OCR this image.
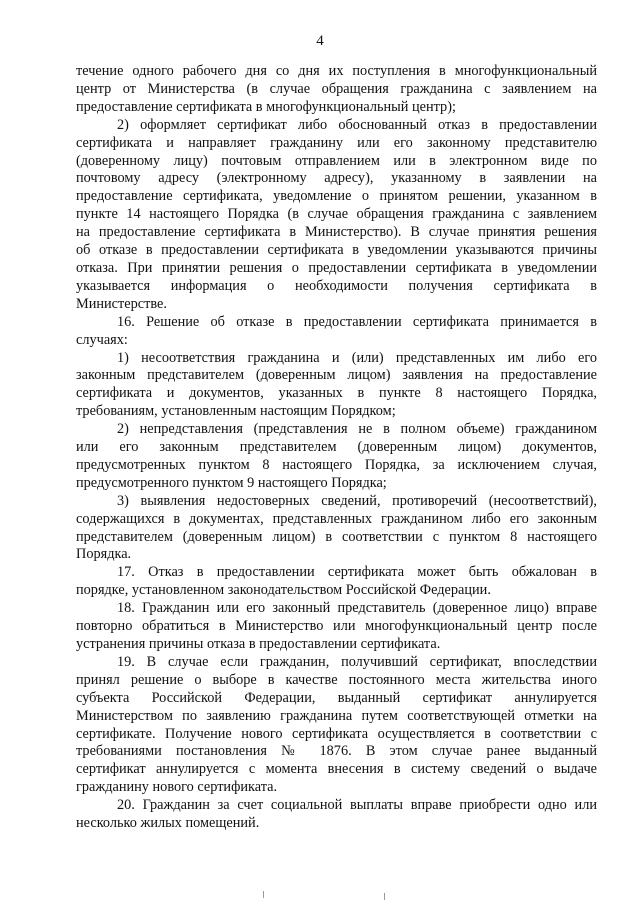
4
течение одного рабочего дня со дня их поступления в многофункциональный
центр от Министерства (в случае обращения гражданина с заявлением на
предоставление сертификата в многофункциональный центр);
2) оформляет сертификат либо обоснованный отказ в предоставлении
сертификата и направляет гражданину или его законному представителю
(доверенному лицу) почтовым отправлением или в электронном виде по
почтовому адресу (электронному адресу), указанному в заявлении на
предоставление сертификата, уведомление о принятом решении, указанном в
пункте 14 настоящего Порядка (в случае обращения гражданина с заявлением
на предоставление сертификата в Министерство). В случае принятия решения
об отказе в предоставлении сертификата в уведомлении указываются причины
отказа. При принятии решения о предоставлении сертификата в уведомлении
указывается информация о необходимости получения сертификата в
Министерстве.
16. Решение об отказе в предоставлении сертификата принимается в
случаях:
1) несоответствия гражданина и (или) представленных им либо его
законным представителем (доверенным лицом) заявления на предоставление
сертификата и документов, указанных в пункте 8 настоящего Порядка,
требованиям, установленным настоящим Порядком;
2) непредставления (представления не в полном объеме) гражданином
или его законным представителем (доверенным лицом) документов,
предусмотренных пунктом 8 настоящего Порядка, за исключением случая,
предусмотренного пунктом 9 настоящего Порядка;
3) выявления недостоверных сведений, противоречий (несоответствий),
содержащихся в документах, представленных гражданином либо его законным
представителем (доверенным лицом) в соответствии с пунктом 8 настоящего
Порядка.
17. Отказ в предоставлении сертификата может быть обжалован в
порядке, установленном законодательством Российской Федерации.
18. Гражданин или его законный представитель (доверенное лицо) вправе
повторно обратиться в Министерство или многофункциональный центр после
устранения причины отказа в предоставлении сертификата.
19. В случае если гражданин, получивший сертификат, впоследствии
принял решение о выборе в качестве постоянного места жительства иного
субъекта Российской Федерации, выданный сертификат аннулируется
Министерством по заявлению гражданина путем соответствующей отметки на
сертификате. Получение нового сертификата осуществляется в соответствии с
требованиями постановления № 1876. В этом случае ранее выданный
сертификат аннулируется с момента внесения в систему сведений о выдаче
гражданину нового сертификата.
20. Гражданин за счет социальной выплаты вправе приобрести одно или
несколько жилых помещений.
